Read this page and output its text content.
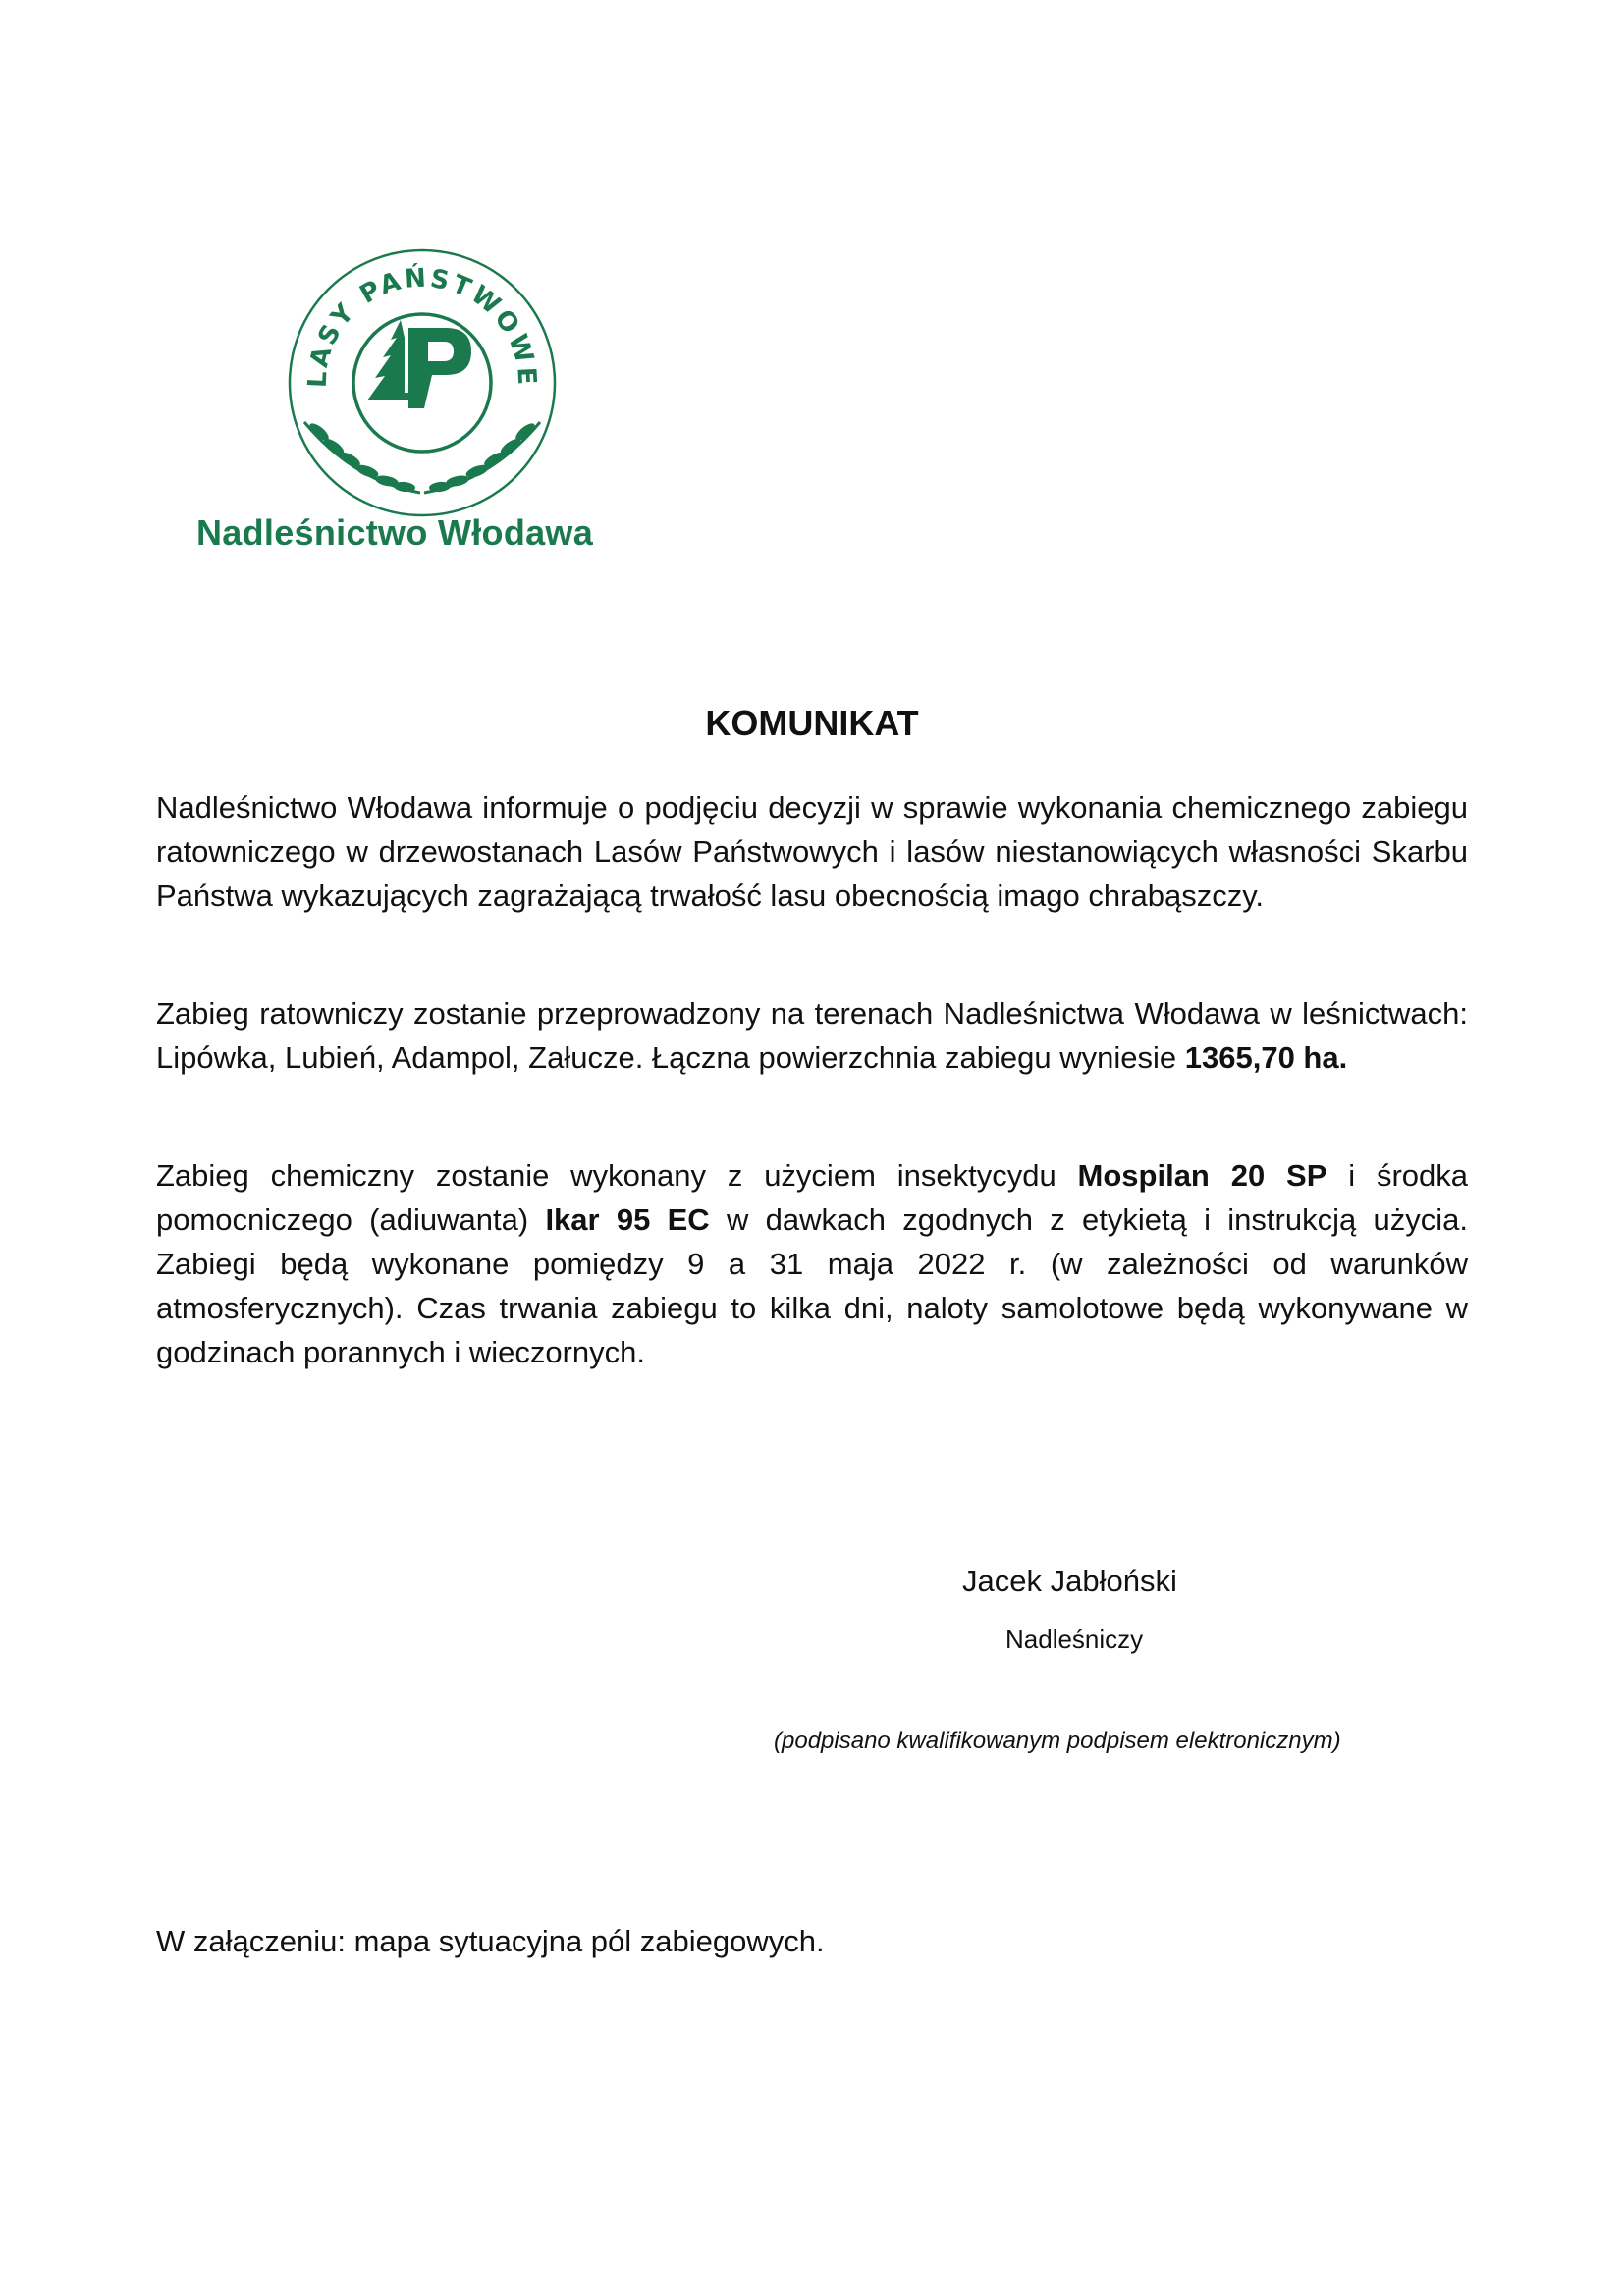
LASY PAŃSTWOWE
Nadleśnictwo Włodawa
KOMUNIKAT
Nadleśnictwo Włodawa informuje o podjęciu decyzji w sprawie wykonania chemicznego zabiegu ratowniczego w drzewostanach Lasów Państwowych i lasów niestanowiących własności Skarbu Państwa wykazujących zagrażającą trwałość lasu obecnością imago chrabąszczy.
Zabieg ratowniczy zostanie przeprowadzony na terenach Nadleśnictwa Włodawa w leśnictwach: Lipówka, Lubień, Adampol, Załucze. Łączna powierzchnia zabiegu wyniesie 1365,70 ha.
Zabieg chemiczny zostanie wykonany z użyciem insektycydu Mospilan 20 SP i środka pomocniczego (adiuwanta) Ikar 95 EC w dawkach zgodnych z etykietą i instrukcją użycia. Zabiegi będą wykonane pomiędzy 9 a 31 maja 2022 r. (w zależności od warunków atmosferycznych). Czas trwania zabiegu to kilka dni, naloty samolotowe będą wykonywane w godzinach porannych i wieczornych.
Jacek Jabłoński
Nadleśniczy
(podpisano kwalifikowanym podpisem elektronicznym)
W załączeniu: mapa sytuacyjna pól zabiegowych.
